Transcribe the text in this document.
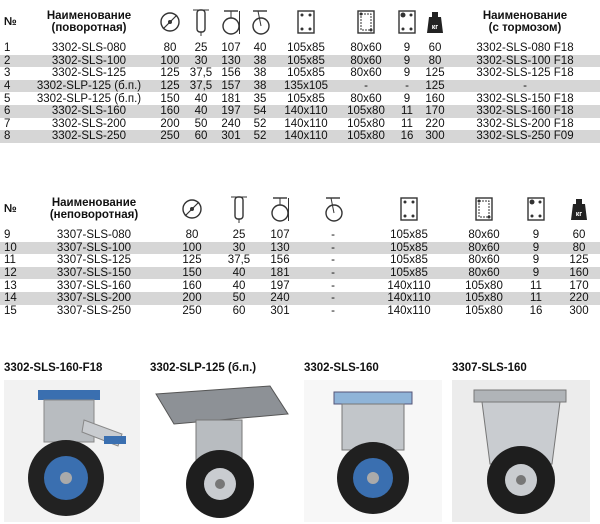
№	Наименование
(поворотная)								кг	Наименование
(с тормозом)
1	3302-SLS-080	80	25	107	40	105x85	80x60	9	60	3302-SLS-080 F18
2	3302-SLS-100	100	30	130	38	105x85	80x60	9	80	3302-SLS-100 F18
3	3302-SLS-125	125	37,5	156	38	105x85	80x60	9	125	3302-SLS-125 F18
4	3302-SLP-125 (б.п.)	125	37,5	157	38	135x105	-	-	125	-
5	3302-SLP-125 (б.п.)	150	40	181	35	105x85	80x60	9	160	3302-SLS-150 F18
6	3302-SLS-160	160	40	197	54	140x110	105x80	11	170	3302-SLS-160 F18
7	3302-SLS-200	200	50	240	52	140x110	105x80	11	220	3302-SLS-200 F18
8	3302-SLS-250	250	60	301	52	140x110	105x80	16	300	3302-SLS-250 F09
№	Наименование
(неповоротная)								кг

9	3307-SLS-080	80	25	107	-	105x85	80x60	9	60
10	3307-SLS-100	100	30	130	-	105x85	80x60	9	80
11	3307-SLS-125	125	37,5	156	-	105x85	80x60	9	125
12	3307-SLS-150	150	40	181	-	105x85	80x60	9	160
13	3307-SLS-160	160	40	197	-	140x110	105x80	11	170
14	3307-SLS-200	200	50	240	-	140x110	105x80	11	220
15	3307-SLS-250	250	60	301	-	140x110	105x80	16	300
3302-SLS-160-F18	3302-SLP-125 (б.п.)	3302-SLS-160	3307-SLS-160
